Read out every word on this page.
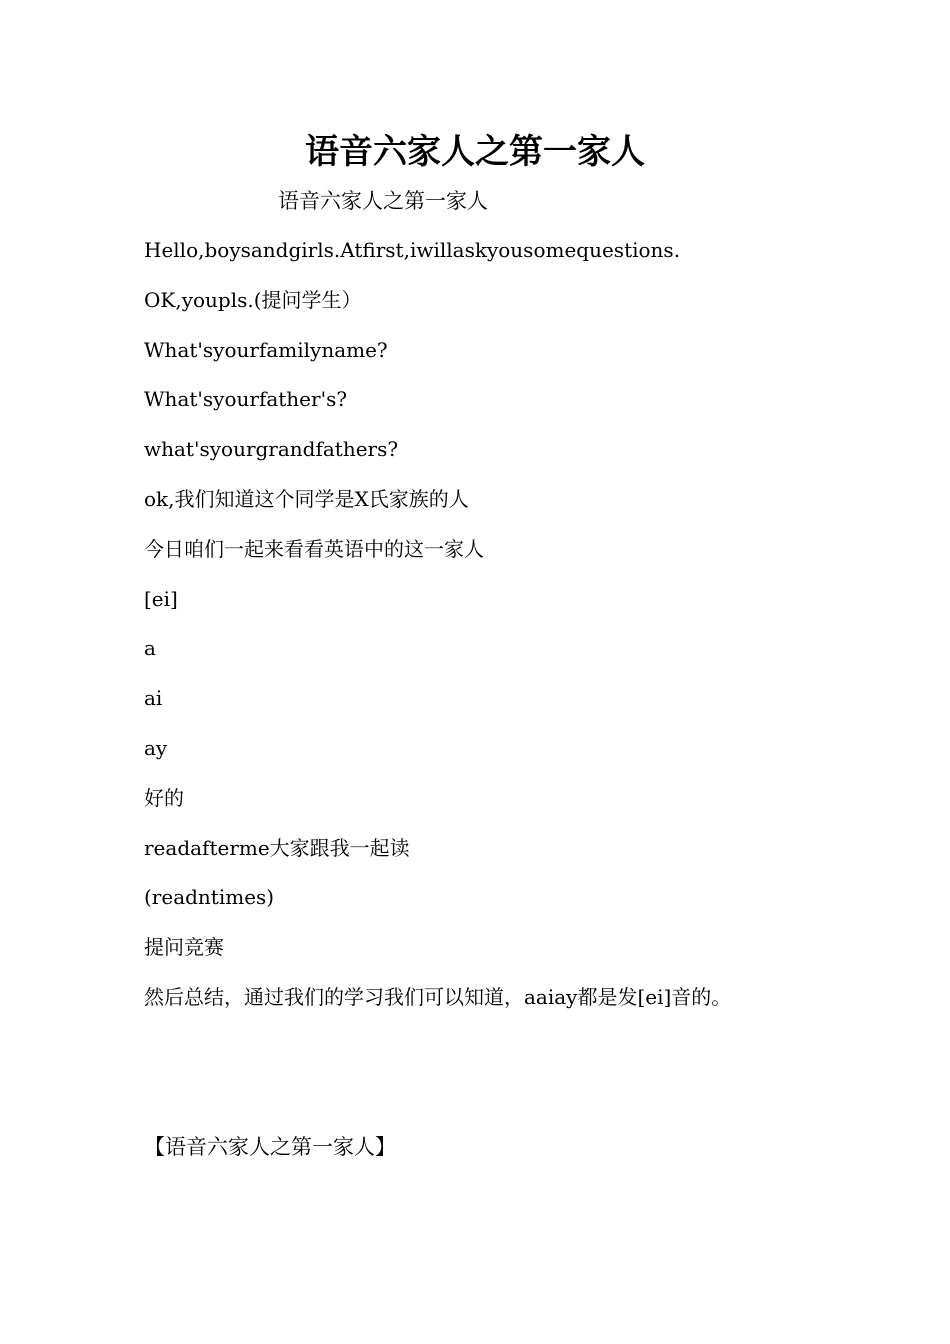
语音六家人之第一家人

语音六家人之第一家人

Hello,boysandgirls.Atfirst,iwillaskyousomequestions.
OK,youpls.(提问学生）
What'syourfamilyname?
What'syourfather's?
what'syourgrandfathers?
ok,我们知道这个同学是X氏家族的人
今日咱们一起来看看英语中的这一家人
[ei]
a
ai
ay
好的
readafterme大家跟我一起读
(readntimes)
提问竞赛
然后总结，通过我们的学习我们可以知道，aaiay都是发[ei]音的。

【语音六家人之第一家人】
